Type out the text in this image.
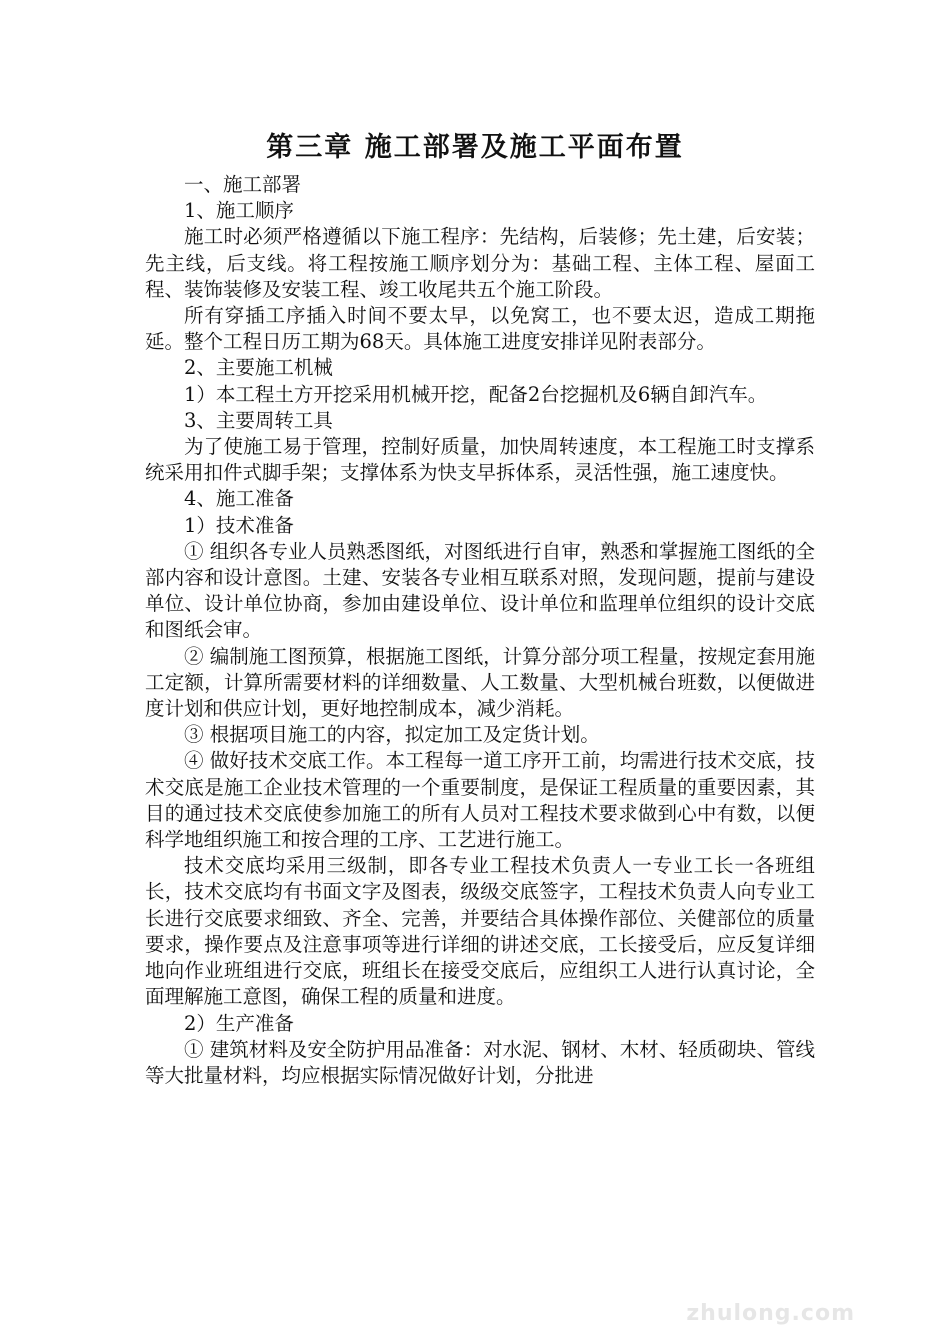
第三章 施工部署及施工平面布置

一、施工部署

1、施工顺序

施工时必须严格遵循以下施工程序：先结构，后装修；先土建，后安装；先主线，后支线。将工程按施工顺序划分为：基础工程、主体工程、屋面工程、装饰装修及安装工程、竣工收尾共五个施工阶段。

所有穿插工序插入时间不要太早，以免窝工，也不要太迟，造成工期拖延。整个工程日历工期为68天。具体施工进度安排详见附表部分。

2、主要施工机械

1）本工程土方开挖采用机械开挖，配备2台挖掘机及6辆自卸汽车。

3、主要周转工具

为了使施工易于管理，控制好质量，加快周转速度，本工程施工时支撑系统采用扣件式脚手架；支撑体系为快支早拆体系，灵活性强，施工速度快。

4、施工准备

1）技术准备

① 组织各专业人员熟悉图纸，对图纸进行自审，熟悉和掌握施工图纸的全部内容和设计意图。土建、安装各专业相互联系对照，发现问题，提前与建设单位、设计单位协商，参加由建设单位、设计单位和监理单位组织的设计交底和图纸会审。

② 编制施工图预算，根据施工图纸，计算分部分项工程量，按规定套用施工定额，计算所需要材料的详细数量、人工数量、大型机械台班数，以便做进度计划和供应计划，更好地控制成本，减少消耗。

③ 根据项目施工的内容，拟定加工及定货计划。

④ 做好技术交底工作。本工程每一道工序开工前，均需进行技术交底，技术交底是施工企业技术管理的一个重要制度，是保证工程质量的重要因素，其目的通过技术交底使参加施工的所有人员对工程技术要求做到心中有数，以便科学地组织施工和按合理的工序、工艺进行施工。

技术交底均采用三级制，即各专业工程技术负责人一专业工长一各班组长，技术交底均有书面文字及图表，级级交底签字，工程技术负责人向专业工长进行交底要求细致、齐全、完善，并要结合具体操作部位、关健部位的质量要求，操作要点及注意事项等进行详细的讲述交底，工长接受后，应反复详细地向作业班组进行交底，班组长在接受交底后，应组织工人进行认真讨论，全面理解施工意图，确保工程的质量和进度。

2）生产准备

① 建筑材料及安全防护用品准备：对水泥、钢材、木材、轻质砌块、管线等大批量材料，均应根据实际情况做好计划，分批进

zhulong.com
